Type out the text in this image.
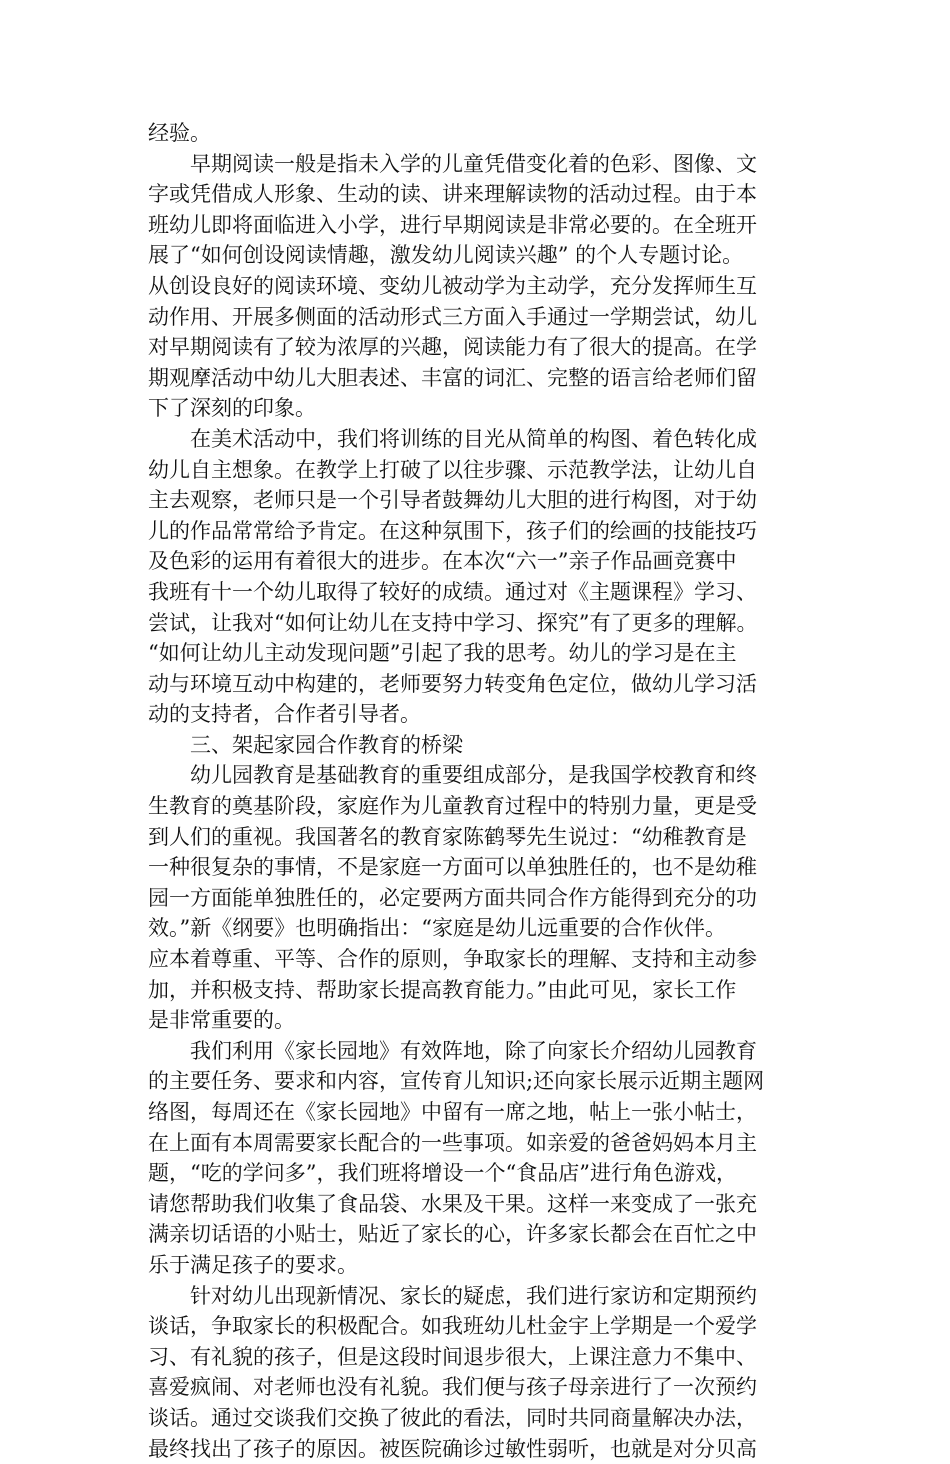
经验。
早期阅读一般是指未入学的儿童凭借变化着的色彩、图像、文
字或凭借成人形象、生动的读、讲来理解读物的活动过程。由于本
班幼儿即将面临进入小学，进行早期阅读是非常必要的。在全班开
展了“如何创设阅读情趣，激发幼儿阅读兴趣” 的个人专题讨论。
从创设良好的阅读环境、变幼儿被动学为主动学，充分发挥师生互
动作用、开展多侧面的活动形式三方面入手通过一学期尝试，幼儿
对早期阅读有了较为浓厚的兴趣，阅读能力有了很大的提高。在学
期观摩活动中幼儿大胆表述、丰富的词汇、完整的语言给老师们留
下了深刻的印象。
在美术活动中，我们将训练的目光从简单的构图、着色转化成
幼儿自主想象。在教学上打破了以往步骤、示范教学法，让幼儿自
主去观察，老师只是一个引导者鼓舞幼儿大胆的进行构图，对于幼
儿的作品常常给予肯定。在这种氛围下，孩子们的绘画的技能技巧
及色彩的运用有着很大的进步。在本次“六一”亲子作品画竞赛中
我班有十一个幼儿取得了较好的成绩。通过对《主题课程》学习、
尝试，让我对“如何让幼儿在支持中学习、探究”有了更多的理解。
“如何让幼儿主动发现问题”引起了我的思考。幼儿的学习是在主
动与环境互动中构建的，老师要努力转变角色定位，做幼儿学习活
动的支持者，合作者引导者。
三、架起家园合作教育的桥梁
幼儿园教育是基础教育的重要组成部分，是我国学校教育和终
生教育的奠基阶段，家庭作为儿童教育过程中的特别力量，更是受
到人们的重视。我国著名的教育家陈鹤琴先生说过：“幼稚教育是
一种很复杂的事情，不是家庭一方面可以单独胜任的，也不是幼稚
园一方面能单独胜任的，必定要两方面共同合作方能得到充分的功
效。”新《纲要》也明确指出：“家庭是幼儿远重要的合作伙伴。
应本着尊重、平等、合作的原则，争取家长的理解、支持和主动参
加，并积极支持、帮助家长提高教育能力。”由此可见，家长工作
是非常重要的。
我们利用《家长园地》有效阵地，除了向家长介绍幼儿园教育
的主要任务、要求和内容，宣传育儿知识;还向家长展示近期主题网
络图，每周还在《家长园地》中留有一席之地，帖上一张小帖士，
在上面有本周需要家长配合的一些事项。如亲爱的爸爸妈妈本月主
题，“吃的学问多”，我们班将增设一个“食品店”进行角色游戏，
请您帮助我们收集了食品袋、水果及干果。这样一来变成了一张充
满亲切话语的小贴士，贴近了家长的心，许多家长都会在百忙之中
乐于满足孩子的要求。
针对幼儿出现新情况、家长的疑虑，我们进行家访和定期预约
谈话，争取家长的积极配合。如我班幼儿杜金宇上学期是一个爱学
习、有礼貌的孩子，但是这段时间退步很大，上课注意力不集中、
喜爱疯闹、对老师也没有礼貌。我们便与孩子母亲进行了一次预约
谈话。通过交谈我们交换了彼此的看法，同时共同商量解决办法，
最终找出了孩子的原因。被医院确诊过敏性弱听，也就是对分贝高
